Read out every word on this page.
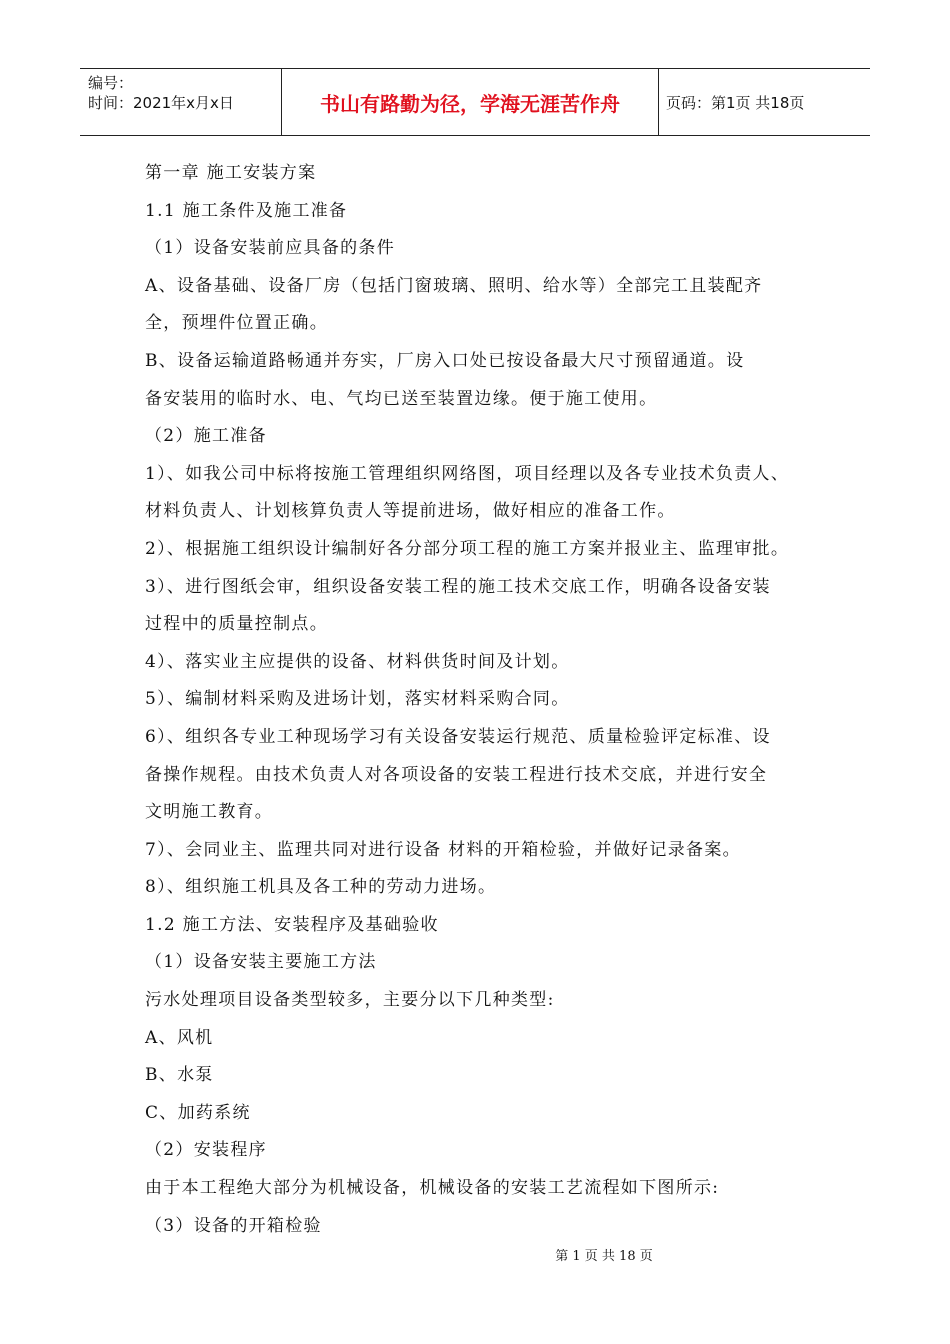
编号：
时间：2021年x月x日	书山有路勤为径，学海无涯苦作舟	页码：第1页 共18页
第一章 施工安装方案
1.1 施工条件及施工准备
（1）设备安装前应具备的条件
A、设备基础、设备厂房（包括门窗玻璃、照明、给水等）全部完工且装配齐
全，预埋件位置正确。
B、设备运输道路畅通并夯实，厂房入口处已按设备最大尺寸预留通道。设
备安装用的临时水、电、气均已送至装置边缘。便于施工使用。
（2）施工准备
1）、如我公司中标将按施工管理组织网络图，项目经理以及各专业技术负责人、
材料负责人、计划核算负责人等提前进场，做好相应的准备工作。
2）、根据施工组织设计编制好各分部分项工程的施工方案并报业主、监理审批。
3）、进行图纸会审，组织设备安装工程的施工技术交底工作，明确各设备安装
过程中的质量控制点。
4）、落实业主应提供的设备、材料供货时间及计划。
5）、编制材料采购及进场计划，落实材料采购合同。
6）、组织各专业工种现场学习有关设备安装运行规范、质量检验评定标准、设
备操作规程。由技术负责人对各项设备的安装工程进行技术交底，并进行安全
文明施工教育。
7）、会同业主、监理共同对进行设备 材料的开箱检验，并做好记录备案。
8）、组织施工机具及各工种的劳动力进场。
1.2 施工方法、安装程序及基础验收
（1）设备安装主要施工方法
污水处理项目设备类型较多，主要分以下几种类型:
A、风机
B、水泵
C、加药系统
（2）安装程序
由于本工程绝大部分为机械设备，机械设备的安装工艺流程如下图所示:
（3）设备的开箱检验
第 1 页 共 18 页
